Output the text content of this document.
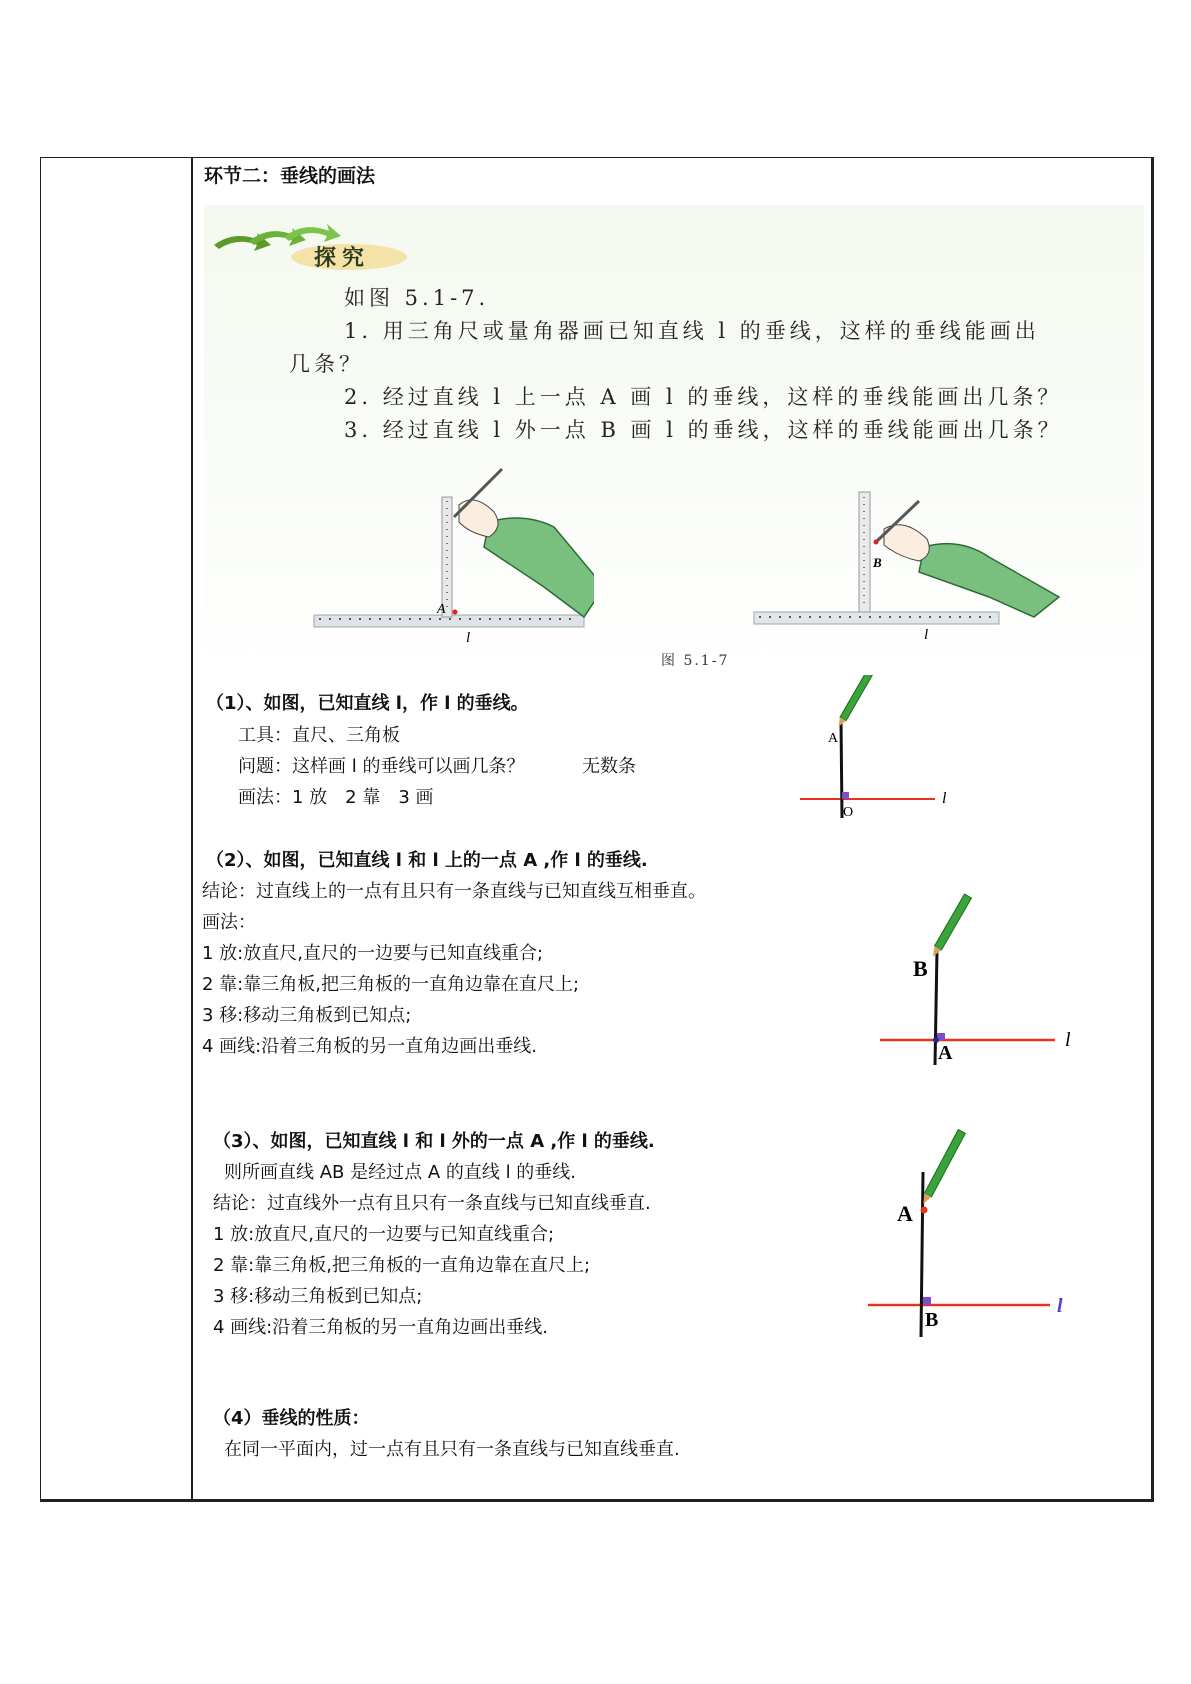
环节二：垂线的画法
探究
如图 5.1-7.
1. 用三角尺或量角器画已知直线 l 的垂线，这样的垂线能画出
几条？
2. 经过直线 l 上一点 A 画 l 的垂线，这样的垂线能画出几条？
3. 经过直线 l 外一点 B 画 l 的垂线，这样的垂线能画出几条？
A
l
B
l
图 5.1-7
（1）、如图，已知直线 l，作 l 的垂线。
工具：直尺、三角板
问题：这样画 l 的垂线可以画几条？	无数条
画法：1 放　2 靠　3 画
A
O
l
（2）、如图，已知直线 l 和 l 上的一点 A ,作 l 的垂线.
结论：过直线上的一点有且只有一条直线与已知直线互相垂直。
画法：
1 放:放直尺,直尺的一边要与已知直线重合;
2 靠:靠三角板,把三角板的一直角边靠在直尺上;
3 移:移动三角板到已知点;
4 画线:沿着三角板的另一直角边画出垂线.
B
A
l
（3）、如图，已知直线 l 和 l 外的一点 A ,作 l 的垂线.
则所画直线 AB 是经过点 A 的直线 l 的垂线.
结论：过直线外一点有且只有一条直线与已知直线垂直.
1 放:放直尺,直尺的一边要与已知直线重合;
2 靠:靠三角板,把三角板的一直角边靠在直尺上;
3 移:移动三角板到已知点;
4 画线:沿着三角板的另一直角边画出垂线.
A
B
l
（4）垂线的性质：
在同一平面内，过一点有且只有一条直线与已知直线垂直.
